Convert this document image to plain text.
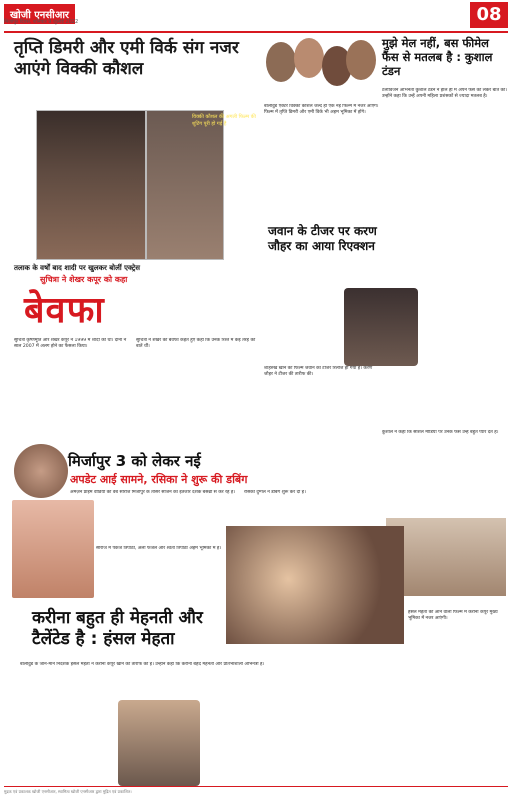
खोजी एनसीआर
मिर्जापुर दिवस, शनिवार 9 जुलाई 2022	08
तृप्ति डिमरी और एमी विर्क संग नजर आएंगे विक्की कौशल
विक्की कौशल की अगली फिल्म की शूटिंग पूरी हो गई है
तलाक के वर्षों बाद शादी पर खुलकर बोलीं एक्ट्रेस
सुचित्रा ने शेखर कपूर को कहा
बेवफा
सुचित्रा कृष्णमूर्ति और शेखर कपूर ने 1999 में शादी की थी। दोनों ने साल 2007 में अलग होने का फैसला किया।
सुचित्रा ने शेखर को बेवफा कहते हुए कहा कि उनके रिश्ते में कई तरह की बातें थीं।
बॉलीवुड एक्टर विक्की कौशल जल्द ही एक नई फिल्म में नजर आएंगे। फिल्म में तृप्ति डिमरी और एमी विर्क भी अहम भूमिका में होंगे।
मुझे मेल नहीं, बस फीमेल फैंस से मतलब है : कुशाल टंडन
टेलीविजन अभिनेता कुशाल टंडन ने हाल ही में अपने फैंस को लेकर बात की। उन्होंने कहा कि उन्हें अपनी महिला प्रशंसकों से ज्यादा मतलब है।
कुशाल ने कहा कि सोशल मीडिया पर उनके फैंस उन्हें बहुत प्यार देते हैं।
जवान के टीजर पर करण जौहर का आया रिएक्शन
शाहरुख खान की फिल्म जवान का टीजर रिलीज हो गया है। करण जौहर ने टीजर की तारीफ की।
मिर्जापुर 3 को लेकर नई
अपडेट आई सामने, रसिका ने शुरू की डबिंग
अमेज़न प्राइम वीडियो की वेब सीरीज मिर्जापुर के तीसरे सीजन का इंतजार दर्शक बेसब्री से कर रहे हैं।	रसिका दुग्गल ने डबिंग शुरू कर दी है।
सीरीज में पंकज त्रिपाठी, अली फजल और श्वेता त्रिपाठी अहम भूमिका में हैं।
करीना बहुत ही मेहनती और टैलेंटेड है : हंसल मेहता
बॉलीवुड के जाने-माने निर्देशक हंसल मेहता ने करीना कपूर खान की तारीफ की है। उन्होंने कहा कि करीना बेहद मेहनती और प्रतिभाशाली अभिनेत्री हैं।
हंसल मेहता की आने वाली फिल्म में करीना कपूर मुख्य भूमिका में नजर आएंगी।
मुद्रक एवं प्रकाशक खोजी एनसीआर, स्वामित्व खोजी एनसीआर द्वारा मुद्रित एवं प्रकाशित।
